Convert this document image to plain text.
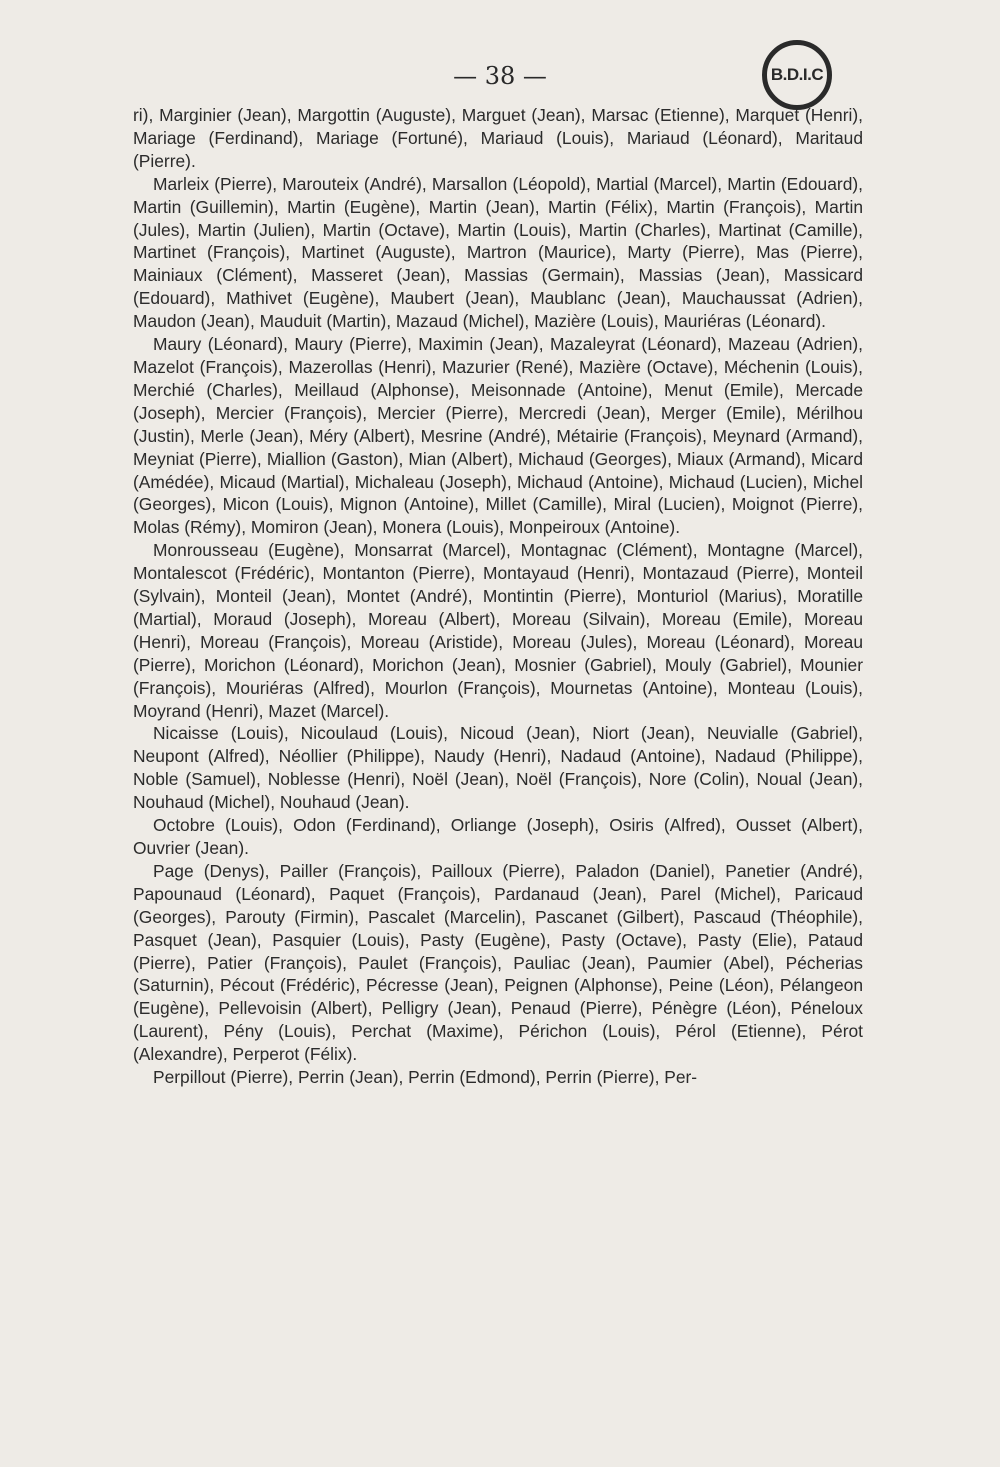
— 38 —	B.D.I.C

ri), Marginier (Jean), Margottin (Auguste), Marguet (Jean), Marsac (Etienne), Marquet (Henri), Mariage (Ferdinand), Mariage (Fortuné), Mariaud (Louis), Mariaud (Léonard), Maritaud (Pierre).

Marleix (Pierre), Marouteix (André), Marsallon (Léopold), Martial (Marcel), Martin (Edouard), Martin (Guillemin), Martin (Eugène), Martin (Jean), Martin (Félix), Martin (François), Martin (Jules), Martin (Julien), Martin (Octave), Martin (Louis), Martin (Charles), Martinat (Camille), Martinet (François), Martinet (Auguste), Martron (Maurice), Marty (Pierre), Mas (Pierre), Mainiaux (Clément), Masseret (Jean), Massias (Germain), Massias (Jean), Massicard (Edouard), Mathivet (Eugène), Maubert (Jean), Maublanc (Jean), Mauchaussat (Adrien), Maudon (Jean), Mauduit (Martin), Mazaud (Michel), Mazière (Louis), Mauriéras (Léonard).

Maury (Léonard), Maury (Pierre), Maximin (Jean), Mazaleyrat (Léonard), Mazeau (Adrien), Mazelot (François), Mazerollas (Henri), Mazurier (René), Mazière (Octave), Méchenin (Louis), Merchié (Charles), Meillaud (Alphonse), Meisonnade (Antoine), Menut (Emile), Mercade (Joseph), Mercier (François), Mercier (Pierre), Mercredi (Jean), Merger (Emile), Mérilhou (Justin), Merle (Jean), Méry (Albert), Mesrine (André), Métairie (François), Meynard (Armand), Meyniat (Pierre), Miallion (Gaston), Mian (Albert), Michaud (Georges), Miaux (Armand), Micard (Amédée), Micaud (Martial), Michaleau (Joseph), Michaud (Antoine), Michaud (Lucien), Michel (Georges), Micon (Louis), Mignon (Antoine), Millet (Camille), Miral (Lucien), Moignot (Pierre), Molas (Rémy), Momiron (Jean), Monera (Louis), Monpeiroux (Antoine).

Monrousseau (Eugène), Monsarrat (Marcel), Montagnac (Clément), Montagne (Marcel), Montalescot (Frédéric), Montanton (Pierre), Montayaud (Henri), Montazaud (Pierre), Monteil (Sylvain), Monteil (Jean), Montet (André), Montintin (Pierre), Monturiol (Marius), Moratille (Martial), Moraud (Joseph), Moreau (Albert), Moreau (Silvain), Moreau (Emile), Moreau (Henri), Moreau (François), Moreau (Aristide), Moreau (Jules), Moreau (Léonard), Moreau (Pierre), Morichon (Léonard), Morichon (Jean), Mosnier (Gabriel), Mouly (Gabriel), Mounier (François), Mouriéras (Alfred), Mourlon (François), Mournetas (Antoine), Monteau (Louis), Moyrand (Henri), Mazet (Marcel).

Nicaisse (Louis), Nicoulaud (Louis), Nicoud (Jean), Niort (Jean), Neuvialle (Gabriel), Neupont (Alfred), Néollier (Philippe), Naudy (Henri), Nadaud (Antoine), Nadaud (Philippe), Noble (Samuel), Noblesse (Henri), Noël (Jean), Noël (François), Nore (Colin), Noual (Jean), Nouhaud (Michel), Nouhaud (Jean).

Octobre (Louis), Odon (Ferdinand), Orliange (Joseph), Osiris (Alfred), Ousset (Albert), Ouvrier (Jean).

Page (Denys), Pailler (François), Pailloux (Pierre), Paladon (Daniel), Panetier (André), Papounaud (Léonard), Paquet (François), Pardanaud (Jean), Parel (Michel), Paricaud (Georges), Parouty (Firmin), Pascalet (Marcelin), Pascanet (Gilbert), Pascaud (Théophile), Pasquet (Jean), Pasquier (Louis), Pasty (Eugène), Pasty (Octave), Pasty (Elie), Pataud (Pierre), Patier (François), Paulet (François), Pauliac (Jean), Paumier (Abel), Pécherias (Saturnin), Pécout (Frédéric), Pécresse (Jean), Peignen (Alphonse), Peine (Léon), Pélangeon (Eugène), Pellevoisin (Albert), Pelligry (Jean), Penaud (Pierre), Pénègre (Léon), Péneloux (Laurent), Pény (Louis), Perchat (Maxime), Périchon (Louis), Pérol (Etienne), Pérot (Alexandre), Perperot (Félix).

Perpillout (Pierre), Perrin (Jean), Perrin (Edmond), Perrin (Pierre), Per-
